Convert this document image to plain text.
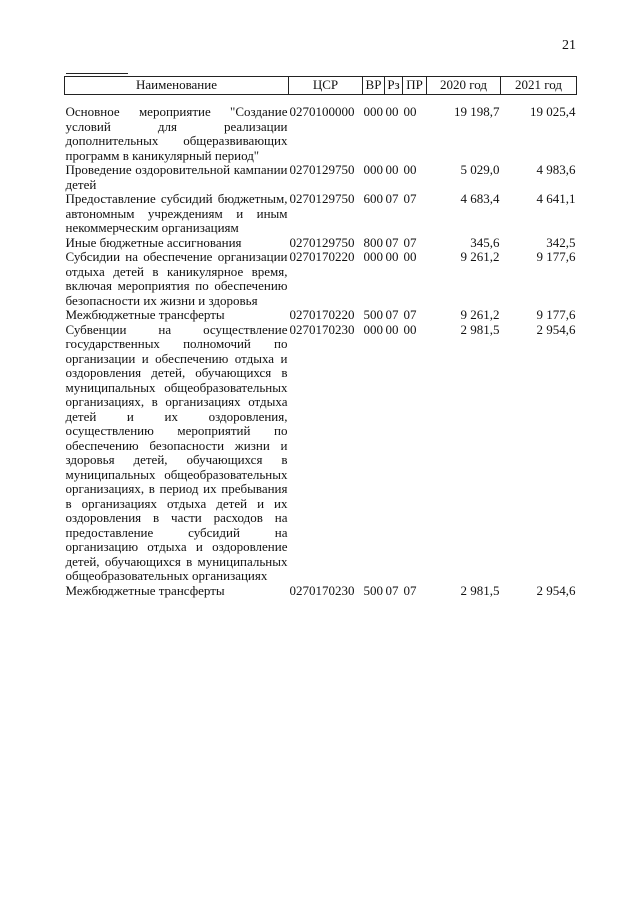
21
Наименование	ЦСР	ВР	Рз	ПР	2020 год	2021 год

Основное мероприятие "Создание условий для реализации дополнительных общеразвивающих программ в каникулярный период"	0270100000	000	00	00	19 198,7	19 025,4
Проведение оздоровительной кампании детей	0270129750	000	00	00	5 029,0	4 983,6
Предоставление субсидий бюджетным, автономным учреждениям и иным некоммерческим организациям	0270129750	600	07	07	4 683,4	4 641,1
Иные бюджетные ассигнования	0270129750	800	07	07	345,6	342,5
Субсидии на обеспечение организации отдыха детей в каникулярное время, включая мероприятия по обеспечению безопасности их жизни и здоровья	0270170220	000	00	00	9 261,2	9 177,6
Межбюджетные трансферты	0270170220	500	07	07	9 261,2	9 177,6
Субвенции на осуществление государственных полномочий по организации и обеспечению отдыха и оздоровления детей, обучающихся в муниципальных общеобразовательных организациях, в организациях отдыха детей и их оздоровления, осуществлению мероприятий по обеспечению безопасности жизни и здоровья детей, обучающихся в муниципальных общеобразовательных организациях, в период их пребывания в организациях отдыха детей и их оздоровления в части расходов на предоставление субсидий на организацию отдыха и оздоровление детей, обучающихся в муниципальных общеобразовательных организациях	0270170230	000	00	00	2 981,5	2 954,6
Межбюджетные трансферты	0270170230	500	07	07	2 981,5	2 954,6
